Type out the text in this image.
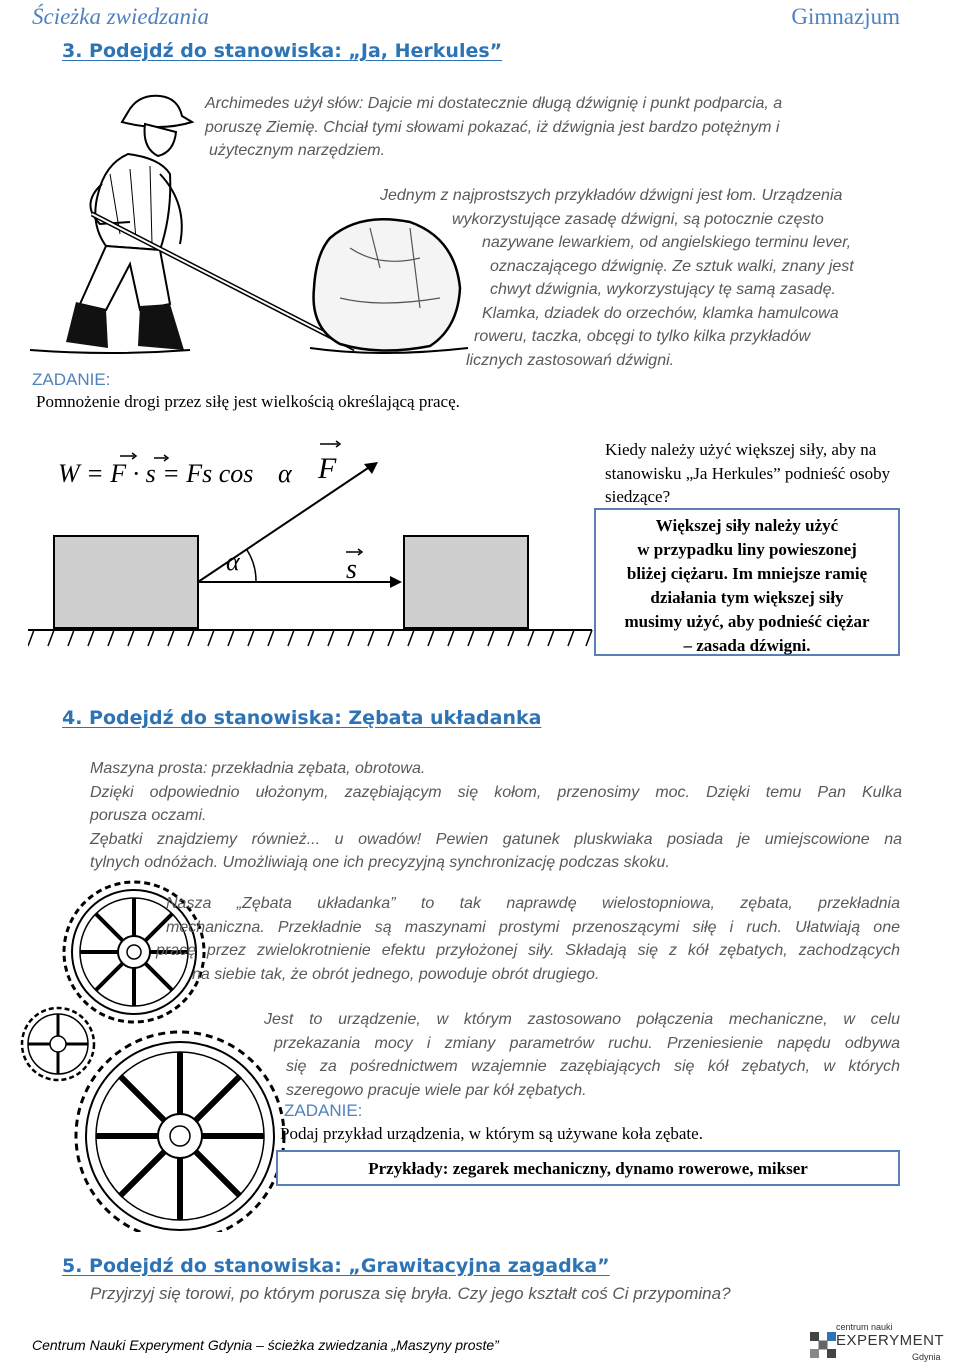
Ścieżka zwiedzania	Gimnazjum
3. Podejdź do stanowiska: „Ja, Herkules”

Archimedes użył słów: Dajcie mi dostatecznie długą dźwignię i punkt podparcia, a

poruszę Ziemię. Chciał tymi słowami pokazać, iż dźwignia jest bardzo potężnym i

użytecznym narzędziem.

Jednym z najprostszych przykładów dźwigni jest łom. Urządzenia

wykorzystujące zasadę dźwigni, są potocznie często

nazywane lewarkiem, od angielskiego terminu lever,

oznaczającego dźwignię. Ze sztuk walki, znany jest

chwyt dźwignia, wykorzystujący tę samą zasadę.

Klamka, dziadek do orzechów, klamka hamulcowa

roweru, taczka, obcęgi to tylko kilka przykładów

licznych zastosowań dźwigni.

ZADANIE:
Pomnożenie drogi przez siłę jest wielkością określającą pracę.
W = F · s = Fs cos α
α
F
s
Kiedy należy użyć większej siły, aby na stanowisku „Ja Herkules” podnieść osoby siedzące?
Większej siły należy użyć
w przypadku liny powieszonej
bliżej ciężaru. Im mniejsze ramię
działania tym większej siły
musimy użyć, aby podnieść ciężar
– zasada dźwigni.
4. Podejdź do stanowiska: Zębata układanka

Maszyna prosta: przekładnia zębata, obrotowa.

Dzięki odpowiednio ułożonym, zazębiającym się kołom, przenosimy moc. Dzięki temu Pan Kulka

porusza oczami.

Zębatki znajdziemy również... u owadów! Pewien gatunek pluskwiaka posiada je umiejscowione na

tylnych odnóżach. Umożliwiają one ich precyzyjną synchronizację podczas skoku.

Nasza „Zębata układanka” to tak naprawdę wielostopniowa, zębata, przekładnia

mechaniczna. Przekładnie są maszynami prostymi przenoszącymi siłę i ruch. Ułatwiają one

pracę przez zwielokrotnienie efektu przyłożonej siły. Składają się z kół zębatych, zachodzących

na siebie tak, że obrót jednego, powoduje obrót drugiego.

Jest to urządzenie, w którym zastosowano połączenia mechaniczne, w celu

przekazania mocy i zmiany parametrów ruchu. Przeniesienie napędu odbywa

się za pośrednictwem wzajemnie zazębiających się kół zębatych, w których

szeregowo pracuje wiele par kół zębatych.

ZADANIE:
Podaj przykład urządzenia, w którym są używane koła zębate.
Przykłady: zegarek mechaniczny, dynamo rowerowe, mikser
5. Podejdź do stanowiska: „Grawitacyjna zagadka”
Przyjrzyj się torowi, po którym porusza się bryła. Czy jego kształt coś Ci przypomina?
Centrum Nauki Experyment Gdynia – ścieżka zwiedzania „Maszyny proste”
centrum nauki
EXPERYMENT
Gdynia
